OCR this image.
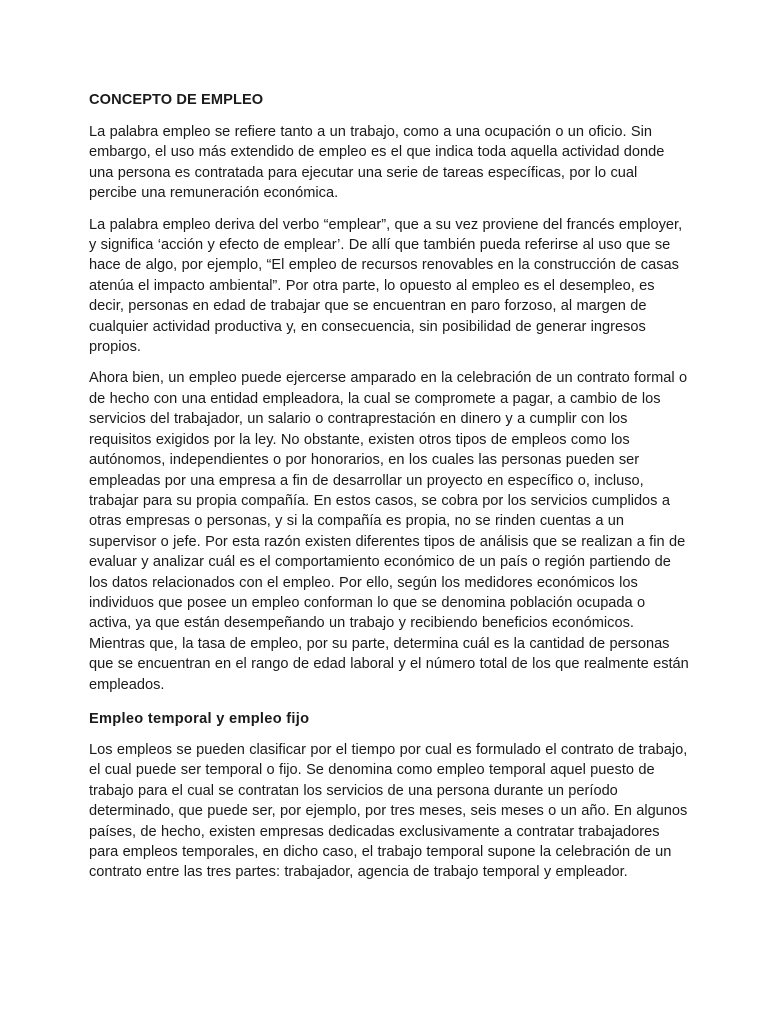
CONCEPTO DE EMPLEO

La palabra empleo se refiere tanto a un trabajo, como a una ocupación o un oficio. Sin embargo, el uso más extendido de empleo es el que indica toda aquella actividad donde una persona es contratada para ejecutar una serie de tareas específicas, por lo cual percibe una remuneración económica.

La palabra empleo deriva del verbo “emplear”, que a su vez proviene del francés employer, y significa ‘acción y efecto de emplear’. De allí que también pueda referirse al uso que se hace de algo, por ejemplo, “El empleo de recursos renovables en la construcción de casas atenúa el impacto ambiental”. Por otra parte, lo opuesto al empleo es el desempleo, es decir, personas en edad de trabajar que se encuentran en paro forzoso, al margen de cualquier actividad productiva y, en consecuencia, sin posibilidad de generar ingresos propios.

Ahora bien, un empleo puede ejercerse amparado en la celebración de un contrato formal o de hecho con una entidad empleadora, la cual se compromete a pagar, a cambio de los servicios del trabajador, un salario o contraprestación en dinero y a cumplir con los requisitos exigidos por la ley. No obstante, existen otros tipos de empleos como los autónomos, independientes o por honorarios, en los cuales las personas pueden ser empleadas por una empresa a fin de desarrollar un proyecto en específico o, incluso, trabajar para su propia compañía. En estos casos, se cobra por los servicios cumplidos a otras empresas o personas, y si la compañía es propia, no se rinden cuentas a un supervisor o jefe. Por esta razón existen diferentes tipos de análisis que se realizan a fin de evaluar y analizar cuál es el comportamiento económico de un país o región partiendo de los datos relacionados con el empleo. Por ello, según los medidores económicos los individuos que posee un empleo conforman lo que se denomina población ocupada o activa, ya que están desempeñando un trabajo y recibiendo beneficios económicos. Mientras que, la tasa de empleo, por su parte, determina cuál es la cantidad de personas que se encuentran en el rango de edad laboral y el número total de los que realmente están empleados.

Empleo temporal y empleo fijo

Los empleos se pueden clasificar por el tiempo por cual es formulado el contrato de trabajo, el cual puede ser temporal o fijo. Se denomina como empleo temporal aquel puesto de trabajo para el cual se contratan los servicios de una persona durante un período determinado, que puede ser, por ejemplo, por tres meses, seis meses o un año. En algunos países, de hecho, existen empresas dedicadas exclusivamente a contratar trabajadores para empleos temporales, en dicho caso, el trabajo temporal supone la celebración de un contrato entre las tres partes: trabajador, agencia de trabajo temporal y empleador.
